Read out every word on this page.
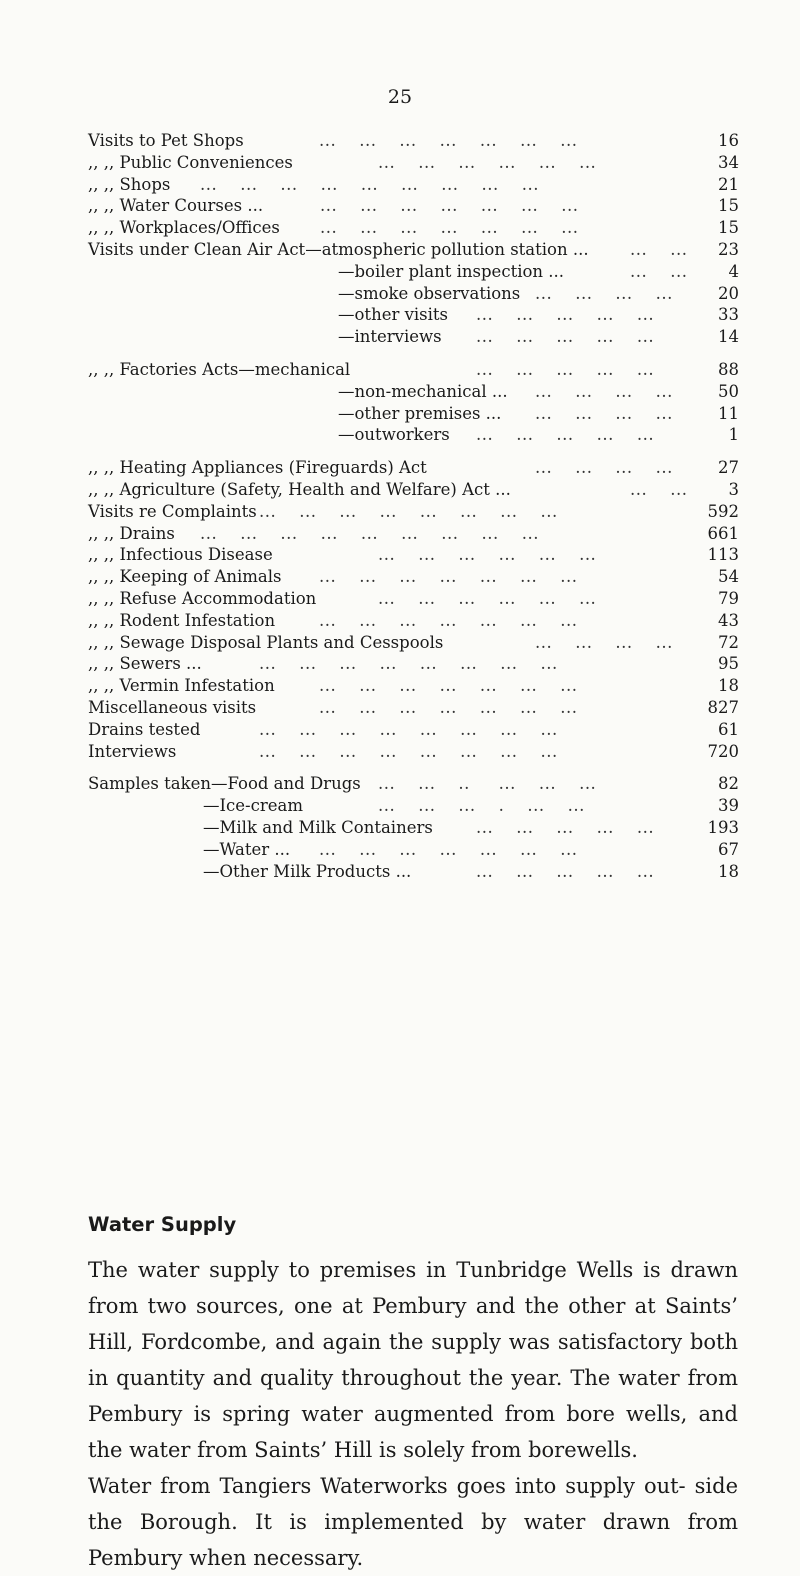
25
Visits to Pet Shops	...    ...    ...    ...    ...    ...    ...	16
,, ,, Public Conveniences	...    ...    ...    ...    ...    ...	34
,, ,, Shops ...    ...    ...    ...    ...    ...    ...    ...    ...	21
,, ,, Water Courses ...	...    ...    ...    ...    ...    ...    ...	15
,, ,, Workplaces/Offices ...    ...    ...    ...    ...    ...    ...	15
Visits under Clean Air Act—atmospheric pollution station ...	...    ... 23
—boiler plant inspection ...	...    ... 4
—smoke observations ...    ...    ...    ...	20
—other visits ...    ...    ...    ...    ...	33
—interviews ...    ...    ...    ...    ...	14
,, ,, Factories Acts—mechanical	...    ...    ...    ...    ...	88
—non-mechanical ... ...    ...    ...    ...	50
—other premises ... ...    ...    ...    ...	11
—outworkers ...    ...    ...    ...    ...	1
,, ,, Heating Appliances (Fireguards) Act	...    ...    ...    ...	27
,, ,, Agriculture (Safety, Health and Welfare) Act ...	...    ... 3
Visits re Complaints ...    ...    ...    ...    ...    ...    ...    ...	592
,, ,, Drains ...    ...    ...    ...    ...    ...    ...    ...    ...	661
,, ,, Infectious Disease	...    ...    ...    ...    ...    ...	113
,, ,, Keeping of Animals ...    ...    ...    ...    ...    ...    ...	54
,, ,, Refuse Accommodation	...    ...    ...    ...    ...    ...	79
,, ,, Rodent Infestation	...    ...    ...    ...    ...    ...    ...	43
,, ,, Sewage Disposal Plants and Cesspools	...    ...    ...    ...	72
,, ,, Sewers ...	...    ...    ...    ...    ...    ...    ...    ...	95
,, ,, Vermin Infestation	...    ...    ...    ...    ...    ...    ...	18
Miscellaneous visits	...    ...    ...    ...    ...    ...    ...	827
Drains tested	...    ...    ...    ...    ...    ...    ...    ...	61
Interviews	...    ...    ...    ...    ...    ...    ...    ...	720
Samples taken—Food and Drugs ...    ...    ..     ...    ...    ...	82
—Ice-cream	...    ...    ...    .    ...    ...	39
—Milk and Milk Containers	...    ...    ...    ...    ...	193
—Water ... ...    ...    ...    ...    ...    ...    ...	67
—Other Milk Products ...	...    ...    ...    ...    ...	18
Water Supply

The water supply to premises in Tunbridge Wells is drawn from two sources, one at Pembury and the other at Saints’ Hill, Fordcombe, and again the supply was satisfactory both in quantity and quality throughout the year. The water from Pembury is spring water augmented from bore wells, and the water from Saints’ Hill is solely from borewells.

Water from Tangiers Waterworks goes into supply out- side the Borough. It is implemented by water drawn from Pembury when necessary.
